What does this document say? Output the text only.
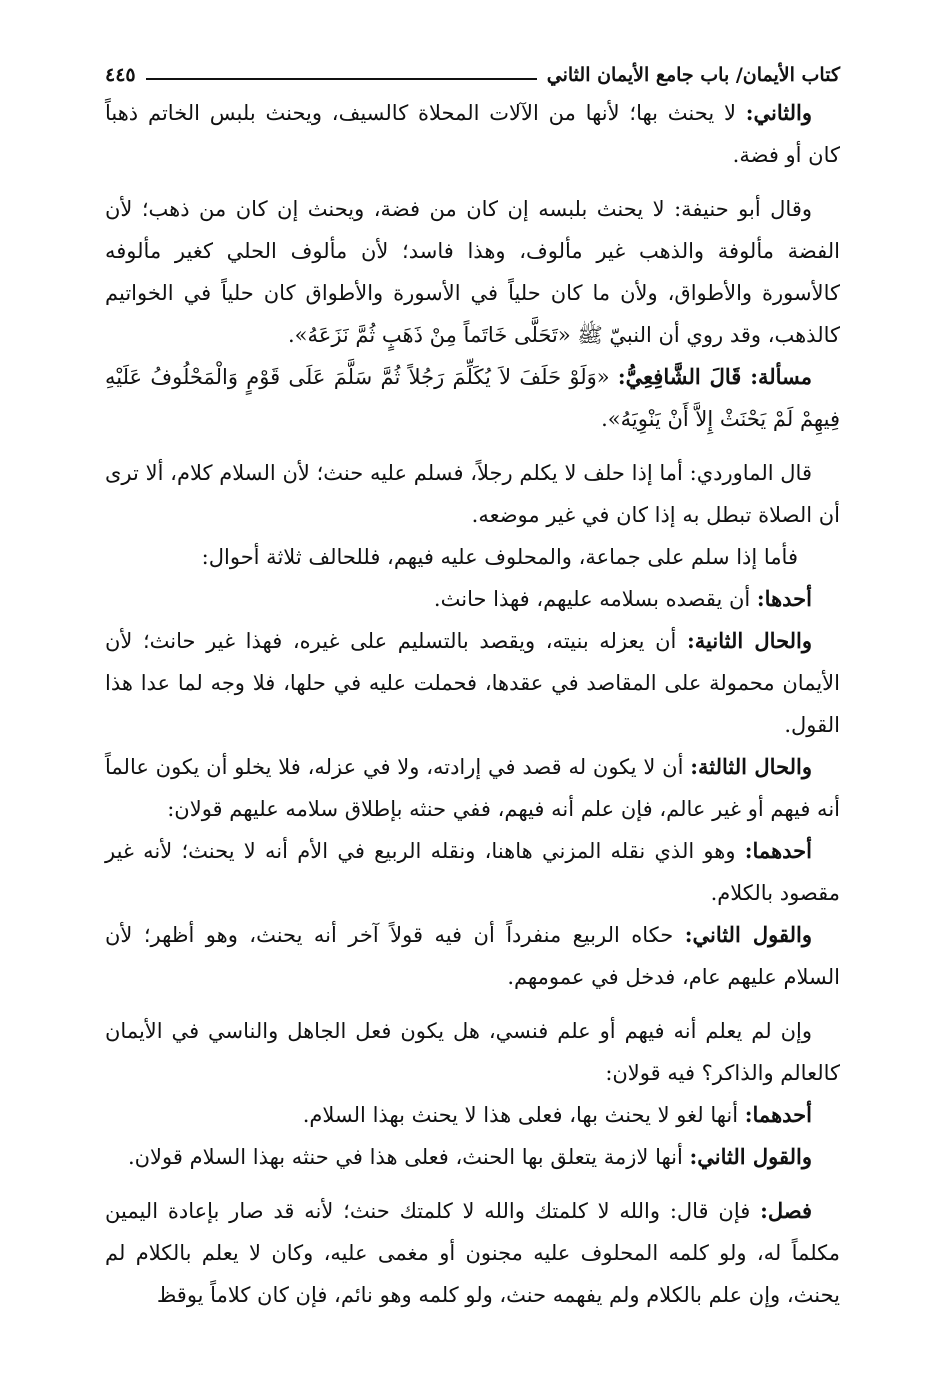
كتاب الأيمان/ باب جامع الأيمان الثاني
٤٤٥

والثاني: لا يحنث بها؛ لأنها من الآلات المحلاة كالسيف، ويحنث بلبس الخاتم ذهباً كان أو فضة.

وقال أبو حنيفة: لا يحنث بلبسه إن كان من فضة، ويحنث إن كان من ذهب؛ لأن الفضة مألوفة والذهب غير مألوف، وهذا فاسد؛ لأن مألوف الحلي كغير مألوفه كالأسورة والأطواق، ولأن ما كان حلياً في الأسورة والأطواق كان حلياً في الخواتيم كالذهب، وقد روي أن النبيّ ﷺ «تَحَلَّى خَاتَماً مِنْ ذَهَبٍ ثُمَّ نَزَعَهُ».

مسألة: قَالَ الشَّافِعِيُّ: «وَلَوْ حَلَفَ لاَ يُكَلِّمَ رَجُلاً ثُمَّ سَلَّمَ عَلَى قَوْمٍ وَالْمَحْلُوفُ عَلَيْهِ فِيهِمْ لَمْ يَحْنَثْ إِلاَّ أَنْ يَنْوِيَهُ».

قال الماوردي: أما إذا حلف لا يكلم رجلاً، فسلم عليه حنث؛ لأن السلام كلام، ألا ترى أن الصلاة تبطل به إذا كان في غير موضعه.

فأما إذا سلم على جماعة، والمحلوف عليه فيهم، فللحالف ثلاثة أحوال:

أحدها: أن يقصده بسلامه عليهم، فهذا حانث.

والحال الثانية: أن يعزله بنيته، ويقصد بالتسليم على غيره، فهذا غير حانث؛ لأن الأيمان محمولة على المقاصد في عقدها، فحملت عليه في حلها، فلا وجه لما عدا هذا القول.

والحال الثالثة: أن لا يكون له قصد في إرادته، ولا في عزله، فلا يخلو أن يكون عالماً أنه فيهم أو غير عالم، فإن علم أنه فيهم، ففي حنثه بإطلاق سلامه عليهم قولان:

أحدهما: وهو الذي نقله المزني هاهنا، ونقله الربيع في الأم أنه لا يحنث؛ لأنه غير مقصود بالكلام.

والقول الثاني: حكاه الربيع منفرداً أن فيه قولاً آخر أنه يحنث، وهو أظهر؛ لأن السلام عليهم عام، فدخل في عمومهم.

وإن لم يعلم أنه فيهم أو علم فنسي، هل يكون فعل الجاهل والناسي في الأيمان كالعالم والذاكر؟ فيه قولان:

أحدهما: أنها لغو لا يحنث بها، فعلى هذا لا يحنث بهذا السلام.

والقول الثاني: أنها لازمة يتعلق بها الحنث، فعلى هذا في حنثه بهذا السلام قولان.

فصل: فإن قال: والله لا كلمتك والله لا كلمتك حنث؛ لأنه قد صار بإعادة اليمين مكلماً له، ولو كلمه المحلوف عليه مجنون أو مغمى عليه، وكان لا يعلم بالكلام لم يحنث، وإن علم بالكلام ولم يفهمه حنث، ولو كلمه وهو نائم، فإن كان كلاماً يوقظ
